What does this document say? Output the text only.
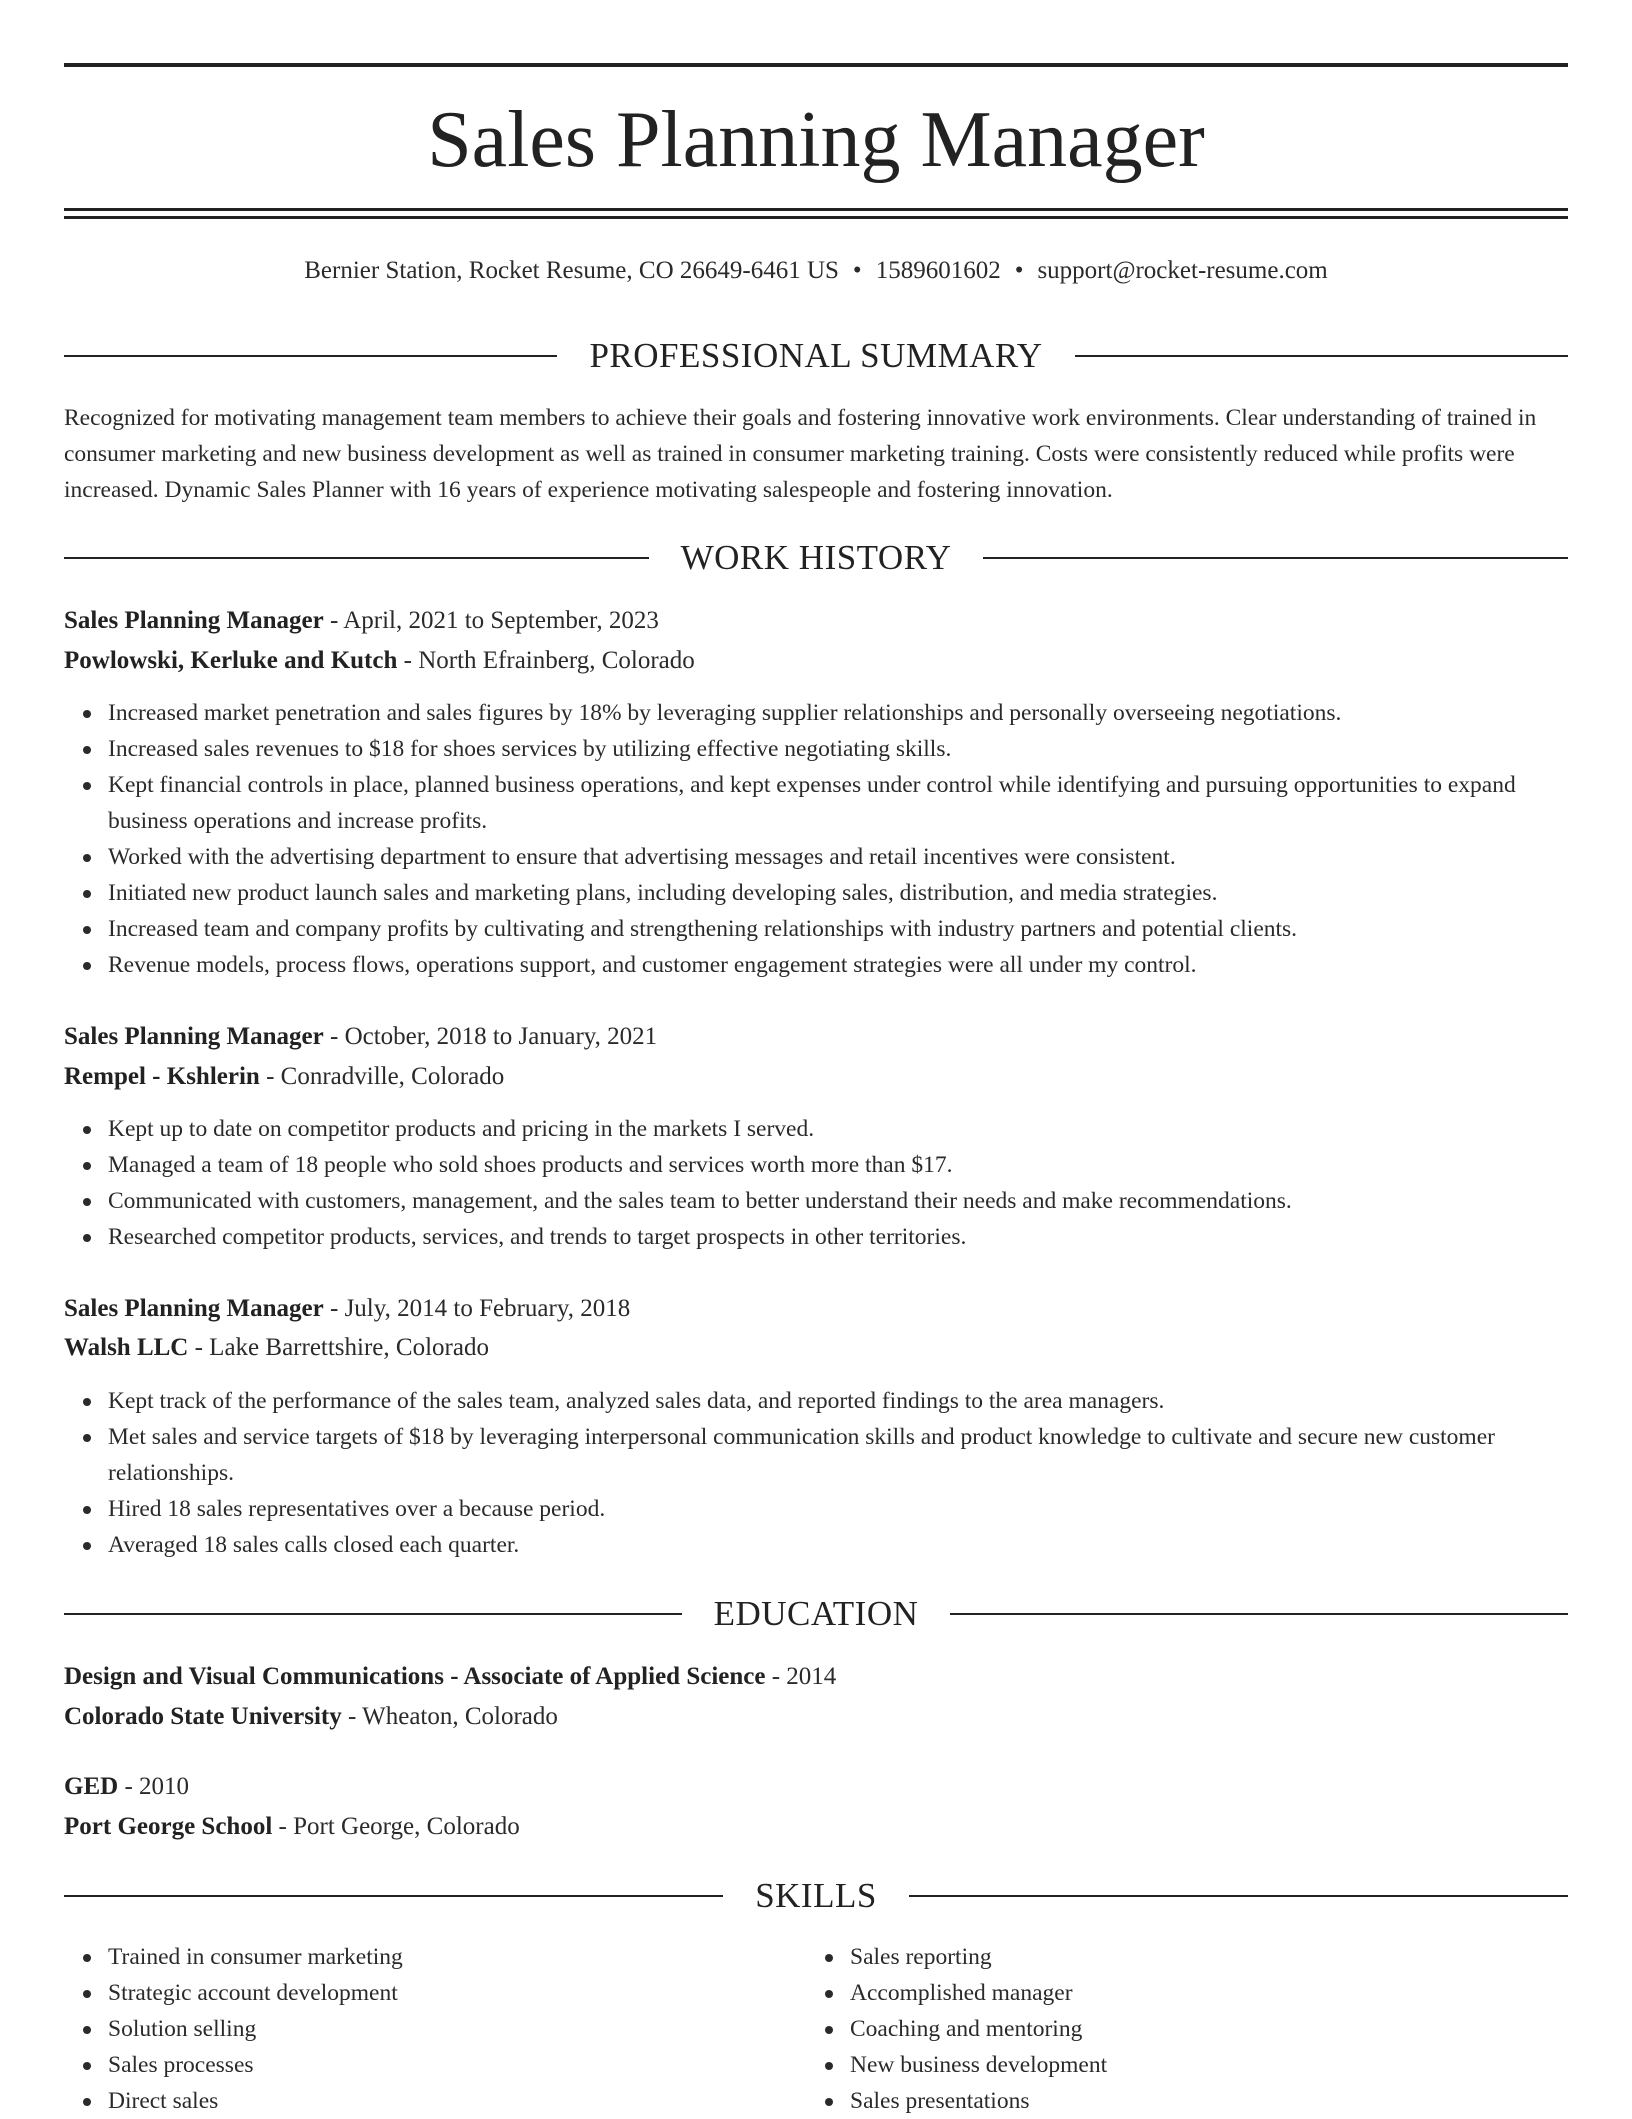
Sales Planning Manager
Bernier Station, Rocket Resume, CO 26649-6461 US • 1589601602 • support@rocket-resume.com
PROFESSIONAL SUMMARY

Recognized for motivating management team members to achieve their goals and fostering innovative work environments. Clear understanding of trained in consumer marketing and new business development as well as trained in consumer marketing training. Costs were consistently reduced while profits were increased. Dynamic Sales Planner with 16 years of experience motivating salespeople and fostering innovation.

WORK HISTORY
Sales Planning Manager - April, 2021 to September, 2023
Powlowski, Kerluke and Kutch - North Efrainberg, Colorado
Increased market penetration and sales figures by 18% by leveraging supplier relationships and personally overseeing negotiations.
Increased sales revenues to $18 for shoes services by utilizing effective negotiating skills.
Kept financial controls in place, planned business operations, and kept expenses under control while identifying and pursuing opportunities to expand business operations and increase profits.
Worked with the advertising department to ensure that advertising messages and retail incentives were consistent.
Initiated new product launch sales and marketing plans, including developing sales, distribution, and media strategies.
Increased team and company profits by cultivating and strengthening relationships with industry partners and potential clients.
Revenue models, process flows, operations support, and customer engagement strategies were all under my control.
Sales Planning Manager - October, 2018 to January, 2021
Rempel - Kshlerin - Conradville, Colorado
Kept up to date on competitor products and pricing in the markets I served.
Managed a team of 18 people who sold shoes products and services worth more than $17.
Communicated with customers, management, and the sales team to better understand their needs and make recommendations.
Researched competitor products, services, and trends to target prospects in other territories.
Sales Planning Manager - July, 2014 to February, 2018
Walsh LLC - Lake Barrettshire, Colorado
Kept track of the performance of the sales team, analyzed sales data, and reported findings to the area managers.
Met sales and service targets of $18 by leveraging interpersonal communication skills and product knowledge to cultivate and secure new customer relationships.
Hired 18 sales representatives over a because period.
Averaged 18 sales calls closed each quarter.
EDUCATION
Design and Visual Communications - Associate of Applied Science - 2014
Colorado State University - Wheaton, Colorado
GED - 2010
Port George School - Port George, Colorado
SKILLS
Trained in consumer marketing
Strategic account development
Solution selling
Sales processes
Direct sales
Sales reporting
Accomplished manager
Coaching and mentoring
New business development
Sales presentations
